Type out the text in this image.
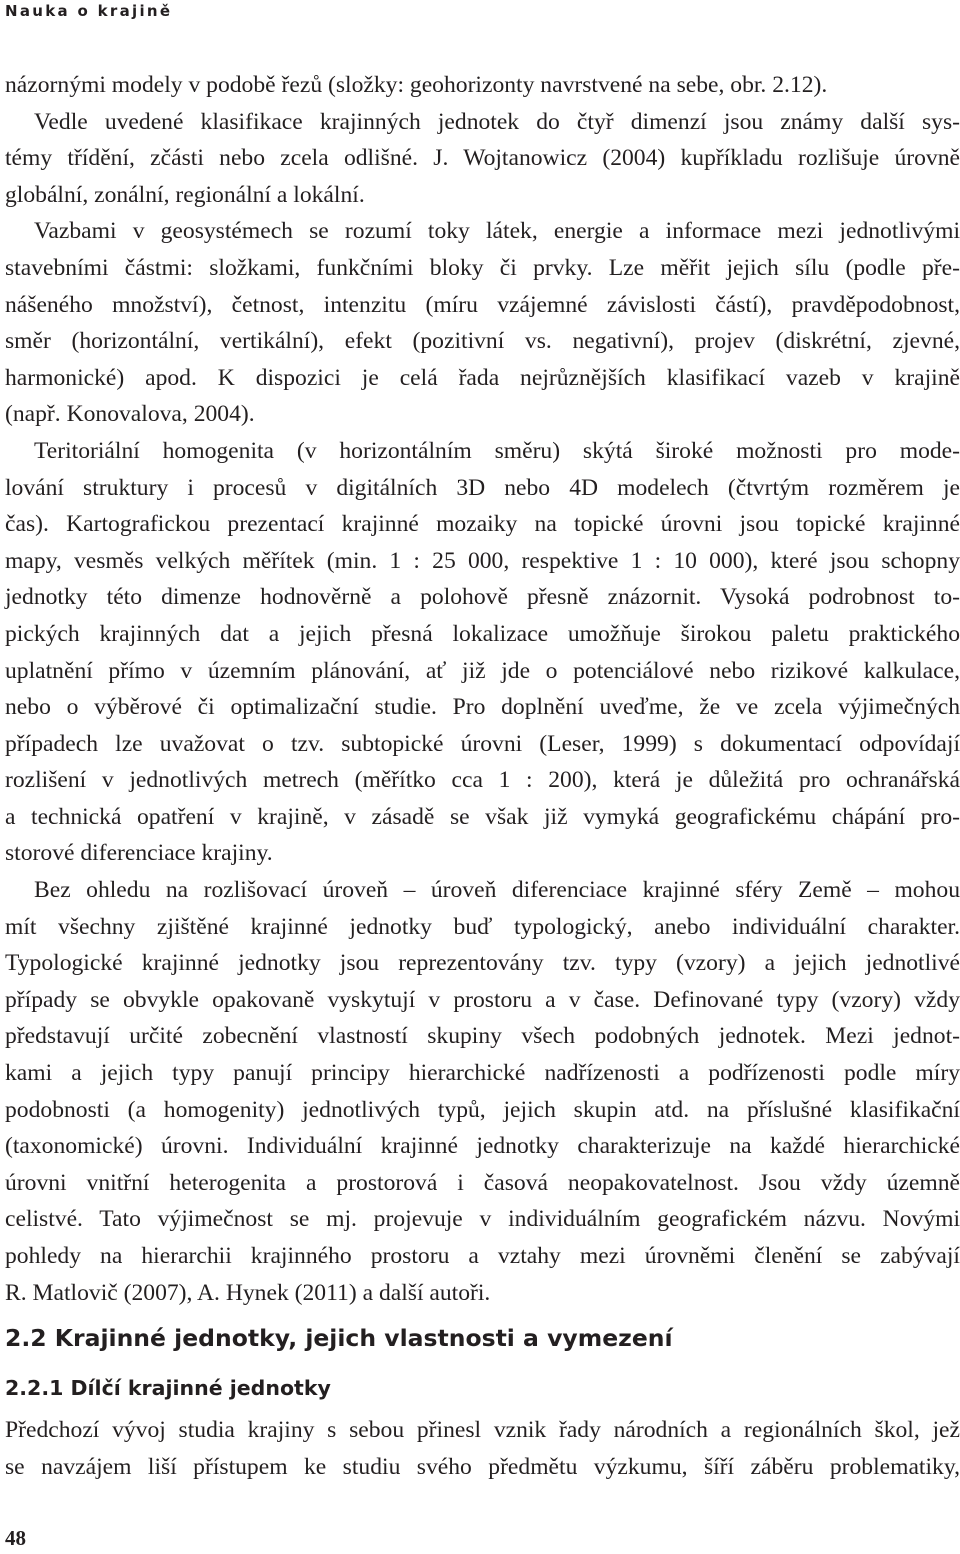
Nauka o krajině
názornými modely v podobě řezů (složky: geohorizonty navrstvené na sebe, obr. 2.12).
Vedle uvedené klasifikace krajinných jednotek do čtyř dimenzí jsou známy další sys-
témy třídění, zčásti nebo zcela odlišné. J. Wojtanowicz (2004) kupříkladu rozlišuje úrovně
globální, zonální, regionální a lokální.
Vazbami v geosystémech se rozumí toky látek, energie a informace mezi jednotlivými
stavebními částmi: složkami, funkčními bloky či prvky. Lze měřit jejich sílu (podle pře-
nášeného množství), četnost, intenzitu (míru vzájemné závislosti částí), pravděpodobnost,
směr (horizontální, vertikální), efekt (pozitivní vs. negativní), projev (diskrétní, zjevné,
harmonické) apod. K dispozici je celá řada nejrůznějších klasifikací vazeb v krajině
(např. Konovalova, 2004).
Teritoriální homogenita (v horizontálním směru) skýtá široké možnosti pro mode-
lování struktury i procesů v digitálních 3D nebo 4D modelech (čtvrtým rozměrem je
čas). Kartografickou prezentací krajinné mozaiky na topické úrovni jsou topické krajinné
mapy, vesměs velkých měřítek (min. 1 : 25 000, respektive 1 : 10 000), které jsou schopny
jednotky této dimenze hodnověrně a polohově přesně znázornit. Vysoká podrobnost to-
pických krajinných dat a jejich přesná lokalizace umožňuje širokou paletu praktického
uplatnění přímo v územním plánování, ať již jde o potenciálové nebo rizikové kalkulace,
nebo o výběrové či optimalizační studie. Pro doplnění uveďme, že ve zcela výjimečných
případech lze uvažovat o tzv. subtopické úrovni (Leser, 1999) s dokumentací odpovídají
rozlišení v jednotlivých metrech (měřítko cca 1 : 200), která je důležitá pro ochranářská
a technická opatření v krajině, v zásadě se však již vymyká geografickému chápání pro-
storové diferenciace krajiny.
Bez ohledu na rozlišovací úroveň – úroveň diferenciace krajinné sféry Země – mohou
mít všechny zjištěné krajinné jednotky buď typologický, anebo individuální charakter.
Typologické krajinné jednotky jsou reprezentovány tzv. typy (vzory) a jejich jednotlivé
případy se obvykle opakovaně vyskytují v prostoru a v čase. Definované typy (vzory) vždy
představují určité zobecnění vlastností skupiny všech podobných jednotek. Mezi jednot-
kami a jejich typy panují principy hierarchické nadřízenosti a podřízenosti podle míry
podobnosti (a homogenity) jednotlivých typů, jejich skupin atd. na příslušné klasifikační
(taxonomické) úrovni. Individuální krajinné jednotky charakterizuje na každé hierarchické
úrovni vnitřní heterogenita a prostorová i časová neopakovatelnost. Jsou vždy územně
celistvé. Tato výjimečnost se mj. projevuje v individuálním geografickém názvu. Novými
pohledy na hierarchii krajinného prostoru a vztahy mezi úrovněmi členění se zabývají
R. Matlovič (2007), A. Hynek (2011) a další autoři.
2.2 Krajinné jednotky, jejich vlastnosti a vymezení
2.2.1 Dílčí krajinné jednotky
Předchozí vývoj studia krajiny s sebou přinesl vznik řady národních a regionálních škol, jež
se navzájem liší přístupem ke studiu svého předmětu výzkumu, šíří záběru problematiky,
48
